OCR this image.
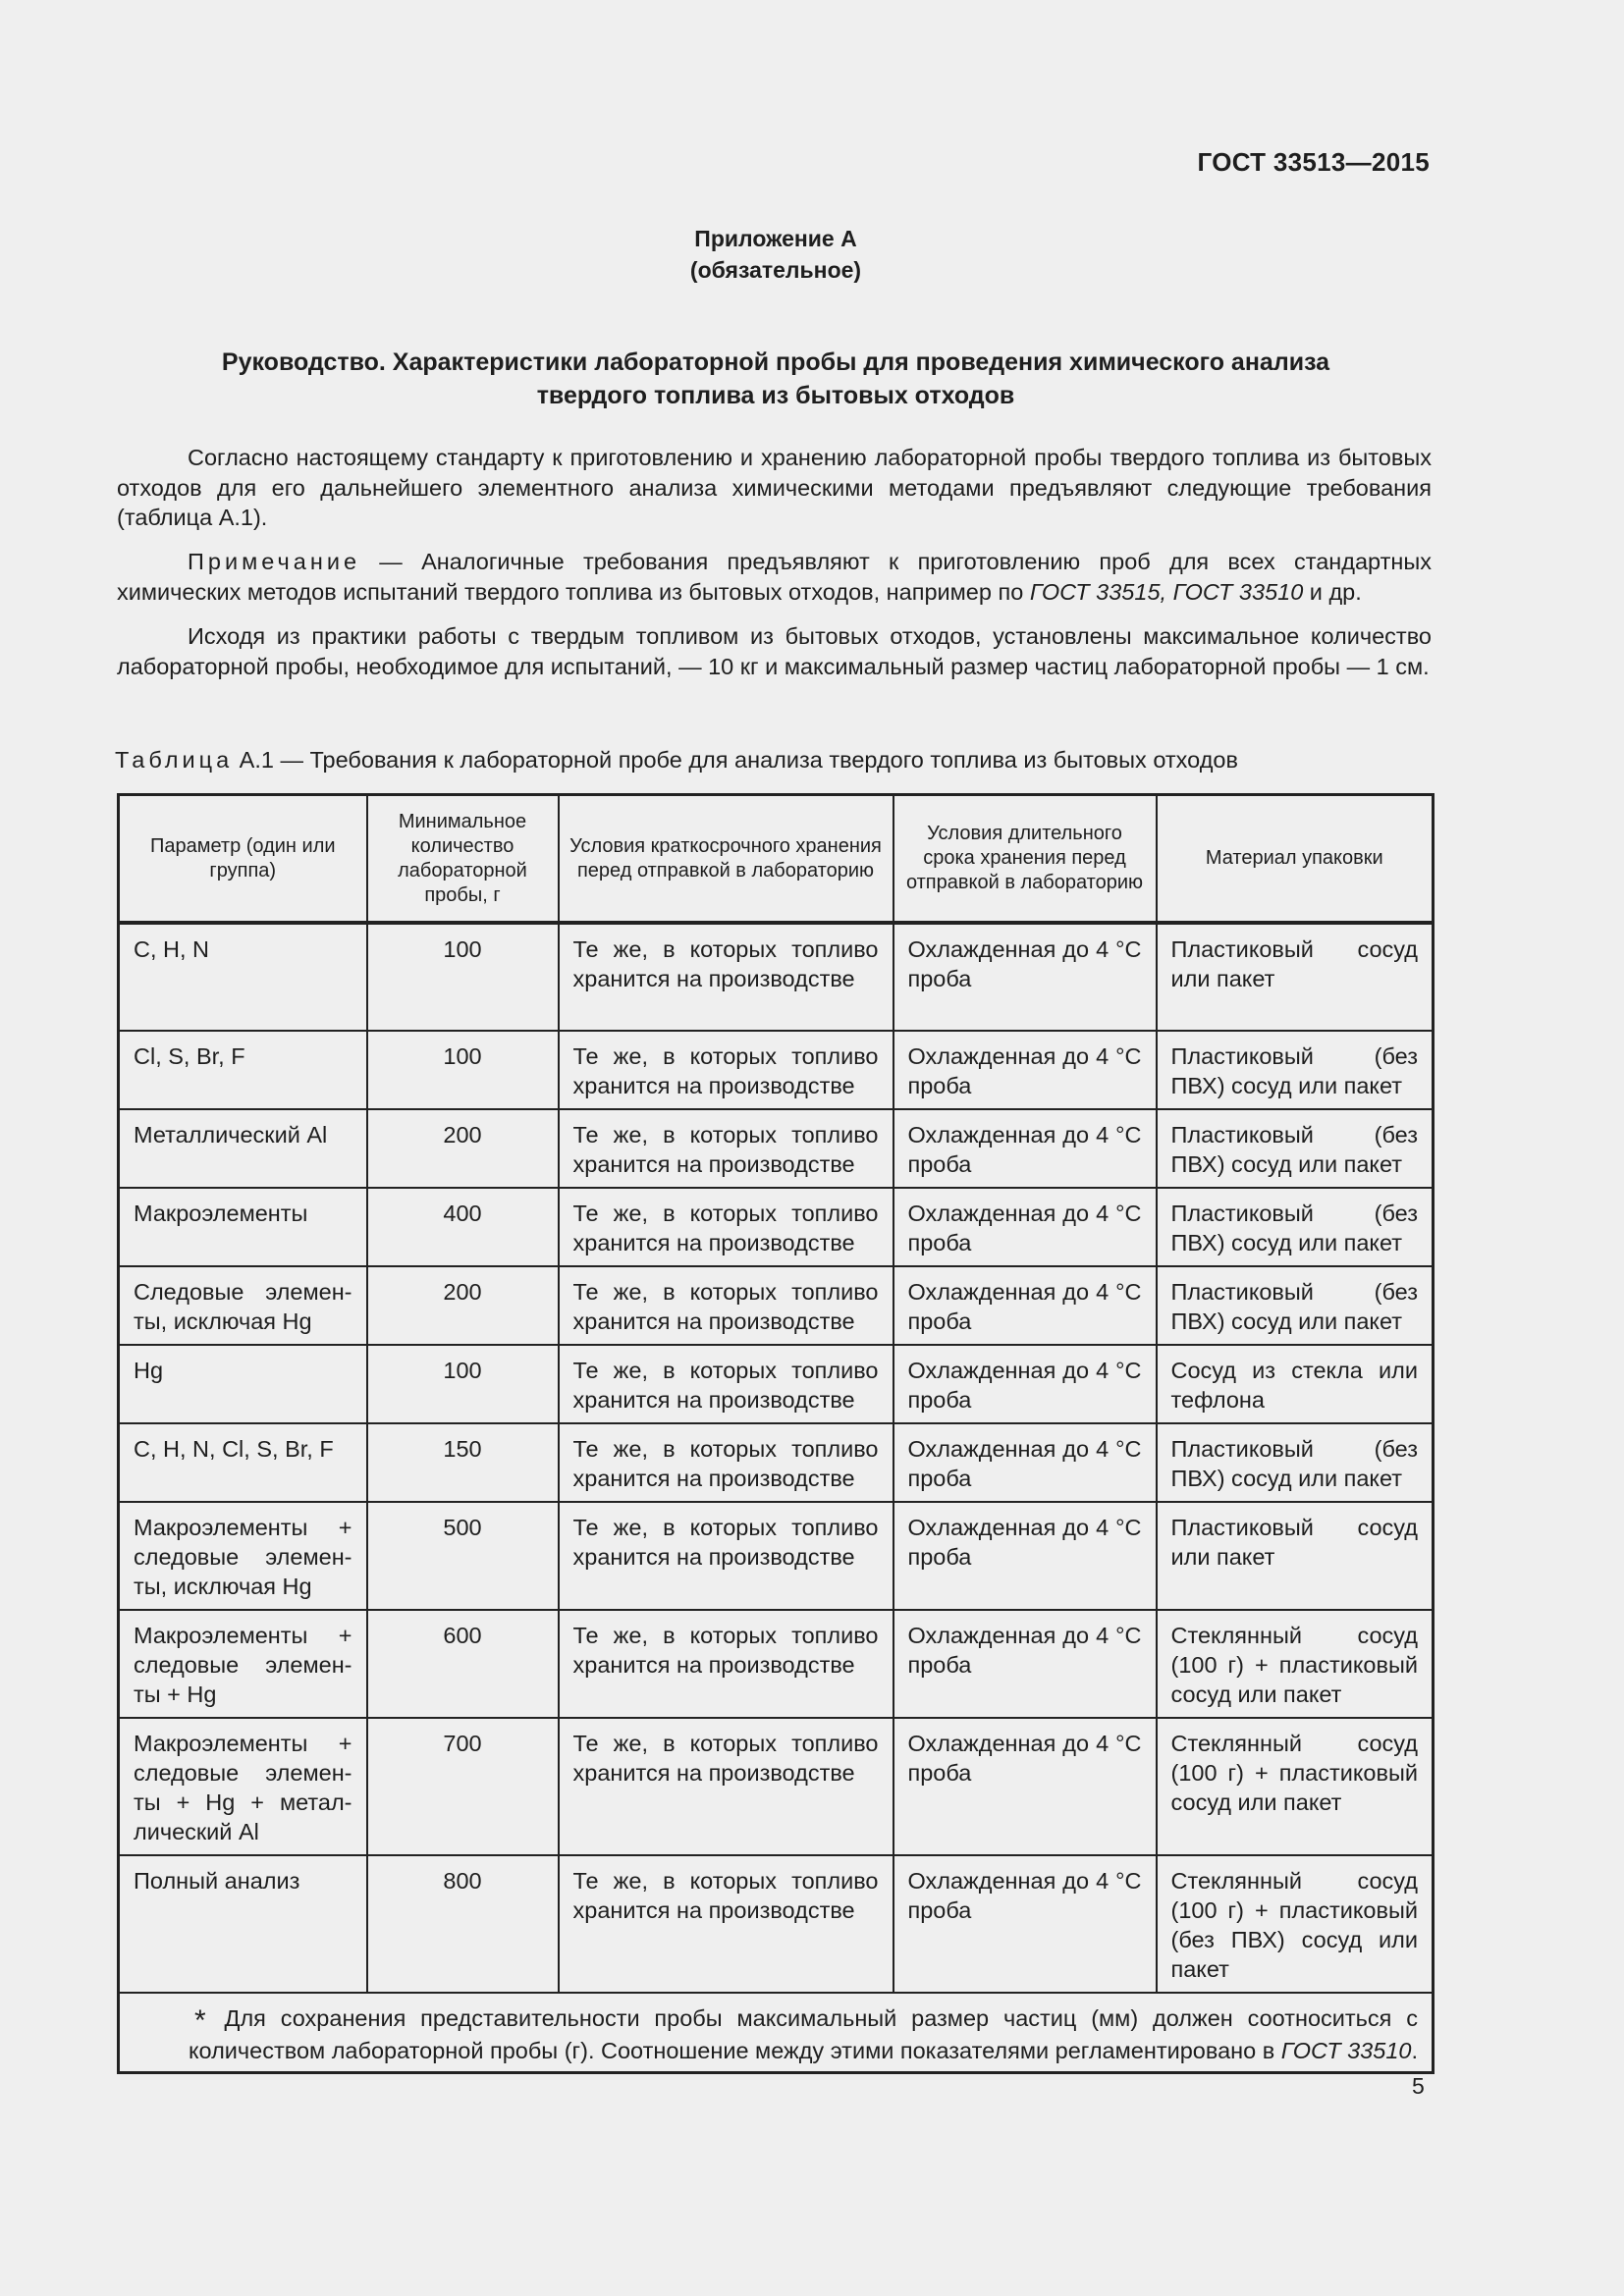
ГОСТ 33513—2015
Приложение А
(обязательное)
Руководство. Характеристики лабораторной пробы для проведения химического анализа
твердого топлива из бытовых отходов

Согласно настоящему стандарту к приготовлению и хранению лабораторной пробы твердого топлива из бытовых отходов для его дальнейшего элементного анализа химическими методами предъявляют следующие требования (таблица А.1).

Примечание — Аналогичные требования предъявляют к приготовлению проб для всех стандартных химических методов испытаний твердого топлива из бытовых отходов, например по ГОСТ 33515, ГОСТ 33510 и др.

Исходя из практики работы с твердым топливом из бытовых отходов, установлены максимальное количество лабораторной пробы, необходимое для испытаний, — 10 кг и максимальный размер частиц лабораторной пробы — 1 см.

Таблица А.1 — Требования к лабораторной пробе для анализа твердого топлива из бытовых отходов
Параметр (один или группа)	Минимальное количество лабораторной пробы, г	Условия краткосрочного хранения перед отправкой в лабораторию	Условия длительного срока хранения перед отправкой в лабораторию	Материал упаковки
C, H, N	100	Те же, в которых топливо хранится на производстве	Охлажденная до 4 °С проба	Пластиковый сосуд или пакет
Cl, S, Br, F	100	Те же, в которых топливо хранится на производстве	Охлажденная до 4 °С проба	Пластиковый (без ПВХ) сосуд или пакет
Металлический Al	200	Те же, в которых топливо хранится на производстве	Охлажденная до 4 °С проба	Пластиковый (без ПВХ) сосуд или пакет
Макроэлементы	400	Те же, в которых топливо хранится на производстве	Охлажденная до 4 °С проба	Пластиковый (без ПВХ) сосуд или пакет
Следовые элемен-ты, исключая Hg	200	Те же, в которых топливо хранится на производстве	Охлажденная до 4 °С проба	Пластиковый (без ПВХ) сосуд или пакет
Hg	100	Те же, в которых топливо хранится на производстве	Охлажденная до 4 °С проба	Сосуд из стекла или тефлона
C, H, N, Cl, S, Br, F	150	Те же, в которых топливо хранится на производстве	Охлажденная до 4 °С проба	Пластиковый (без ПВХ) сосуд или пакет
Макроэлементы + следовые элемен-ты, исключая Hg	500	Те же, в которых топливо хранится на производстве	Охлажденная до 4 °С проба	Пластиковый сосуд или пакет
Макроэлементы + следовые элемен-ты + Hg	600	Те же, в которых топливо хранится на производстве	Охлажденная до 4 °С проба	Стеклянный сосуд (100 г) + пластиковый сосуд или пакет
Макроэлементы + следовые элемен-ты + Hg + метал-лический Al	700	Те же, в которых топливо хранится на производстве	Охлажденная до 4 °С проба	Стеклянный сосуд (100 г) + пластиковый сосуд или пакет
Полный анализ	800	Те же, в которых топливо хранится на производстве	Охлажденная до 4 °С проба	Стеклянный сосуд (100 г) + пластиковый (без ПВХ) сосуд или пакет
* Для сохранения представительности пробы максимальный размер частиц (мм) должен соотноситься с количеством лабораторной пробы (г). Соотношение между этими показателями регламентировано в ГОСТ 33510.				
5
